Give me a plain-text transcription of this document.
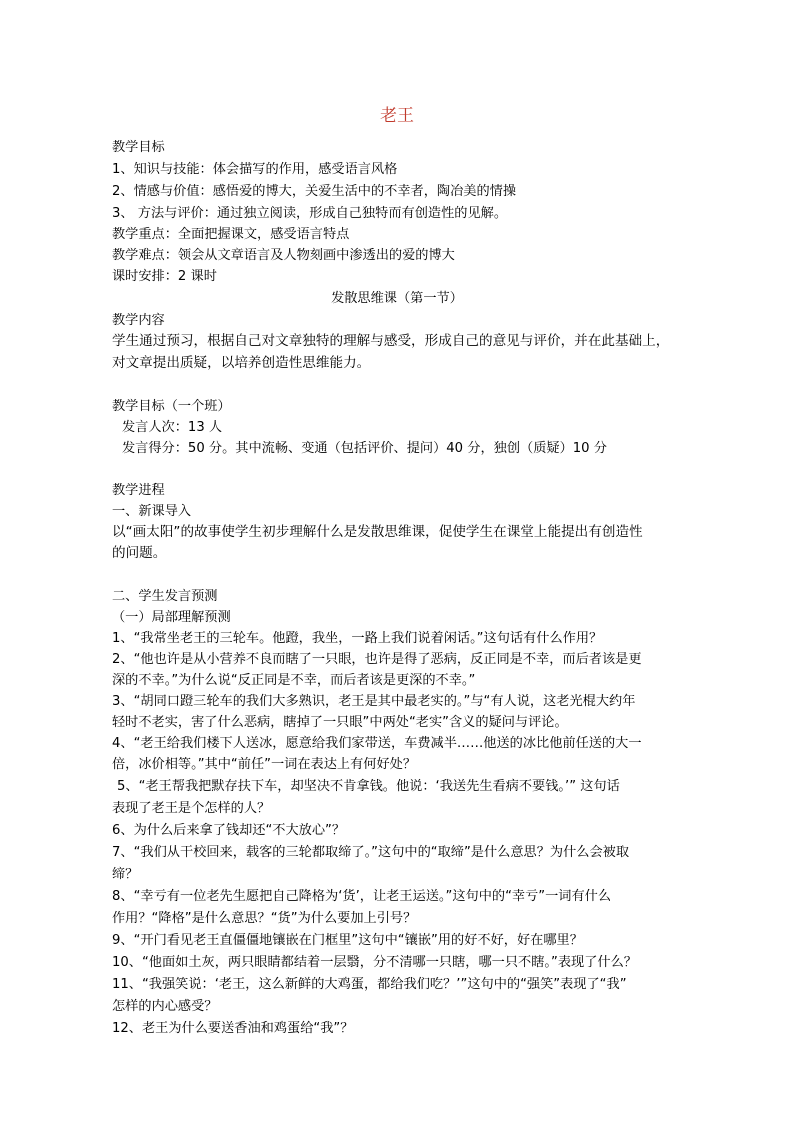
老王
教学目标
1、知识与技能：体会描写的作用，感受语言风格
2、情感与价值：感悟爱的博大，关爱生活中的不幸者，陶冶美的情操
3、 方法与评价：通过独立阅读，形成自己独特而有创造性的见解。
教学重点：全面把握课文，感受语言特点
教学难点：领会从文章语言及人物刻画中渗透出的爱的博大
课时安排：2 课时
发散思维课（第一节）
教学内容
学生通过预习，根据自己对文章独特的理解与感受，形成自己的意见与评价，并在此基础上，
对文章提出质疑，以培养创造性思维能力。
教学目标（一个班）
发言人次：13 人
发言得分：50 分。其中流畅、变通（包括评价、提问）40 分，独创（质疑）10 分
教学进程
一、新课导入
以“画太阳”的故事使学生初步理解什么是发散思维课，促使学生在课堂上能提出有创造性
的问题。
二、学生发言预测
（一）局部理解预测
1、“我常坐老王的三轮车。他蹬，我坐，一路上我们说着闲话。”这句话有什么作用？
2、“他也许是从小营养不良而瞎了一只眼，也许是得了恶病，反正同是不幸，而后者该是更
深的不幸。”为什么说“反正同是不幸，而后者该是更深的不幸。”
3、“胡同口蹬三轮车的我们大多熟识，老王是其中最老实的。”与“有人说，这老光棍大约年
轻时不老实，害了什么恶病，瞎掉了一只眼”中两处“老实”含义的疑问与评论。
4、“老王给我们楼下人送冰，愿意给我们家带送，车费减半……他送的冰比他前任送的大一
倍，冰价相等。”其中“前任”一词在表达上有何好处？
5、“老王帮我把默存扶下车，却坚决不肯拿钱。他说：‘我送先生看病不要钱。’” 这句话
表现了老王是个怎样的人？
6、为什么后来拿了钱却还“不大放心”？
7、“我们从干校回来，载客的三轮都取缔了。”这句中的“取缔”是什么意思？为什么会被取
缔？
8、“幸亏有一位老先生愿把自己降格为‘货’，让老王运送。”这句中的“幸亏”一词有什么
作用？“降格”是什么意思？“货”为什么要加上引号？
9、“开门看见老王直僵僵地镶嵌在门框里”这句中“镶嵌”用的好不好，好在哪里？
10、“他面如土灰，两只眼睛都结着一层翳，分不清哪一只瞎，哪一只不瞎。”表现了什么？
11、“我强笑说：‘老王，这么新鲜的大鸡蛋，都给我们吃？’”这句中的“强笑”表现了“我”
怎样的内心感受？
12、老王为什么要送香油和鸡蛋给“我”？
